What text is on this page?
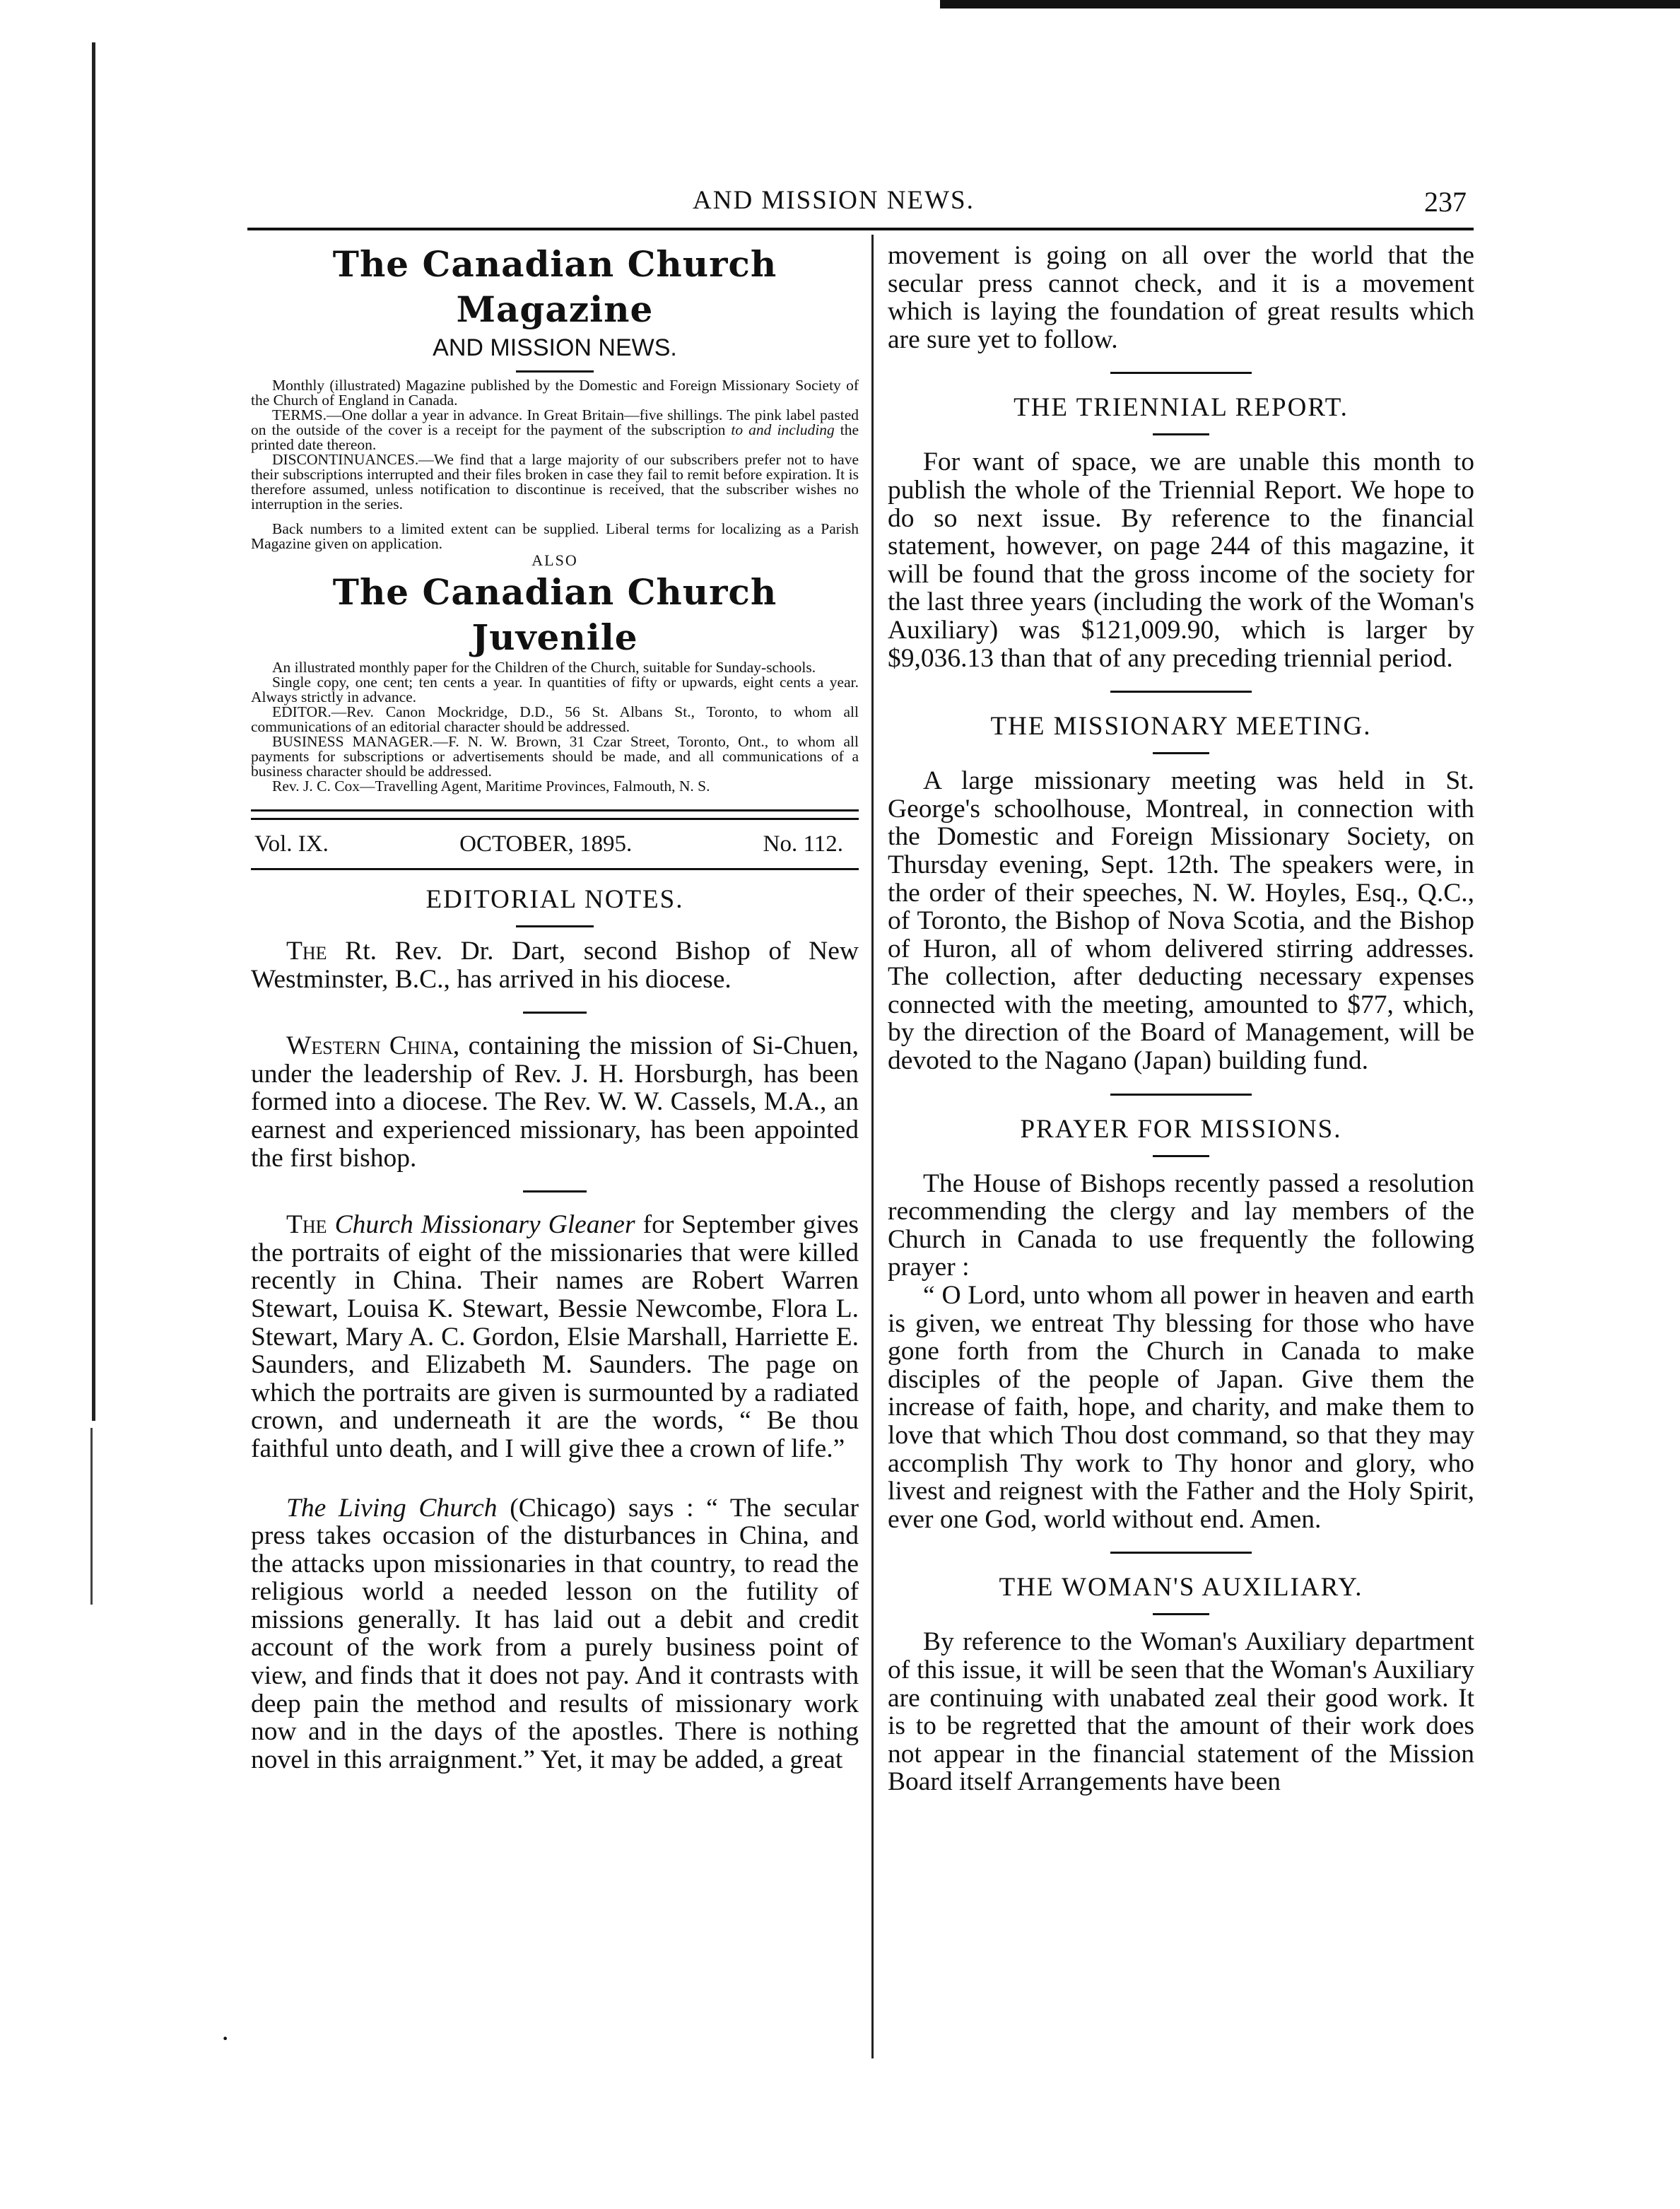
AND MISSION NEWS.	237
The Canadian Church Magazine
AND MISSION NEWS.

Monthly (illustrated) Magazine published by the Domestic and Foreign Missionary Society of the Church of England in Canada.

TERMS.—One dollar a year in advance. In Great Britain—five shillings. The pink label pasted on the outside of the cover is a receipt for the payment of the subscription to and including the printed date thereon.

DISCONTINUANCES.—We find that a large majority of our subscribers prefer not to have their subscriptions interrupted and their files broken in case they fail to remit before expiration. It is therefore assumed, unless notification to discontinue is received, that the subscriber wishes no interruption in the series.

Back numbers to a limited extent can be supplied. Liberal terms for localizing as a Parish Magazine given on application.

ALSO
The Canadian Church Juvenile

An illustrated monthly paper for the Children of the Church, suitable for Sunday-schools.

Single copy, one cent; ten cents a year. In quantities of fifty or upwards, eight cents a year. Always strictly in advance.

EDITOR.—Rev. Canon Mockridge, D.D., 56 St. Albans St., Toronto, to whom all communications of an editorial character should be addressed.

BUSINESS MANAGER.—F. N. W. Brown, 31 Czar Street, Toronto, Ont., to whom all payments for subscriptions or advertisements should be made, and all communications of a business character should be addressed.

Rev. J. C. Cox—Travelling Agent, Maritime Provinces, Falmouth, N. S.

Vol. IX.	OCTOBER, 1895.	No. 112.
EDITORIAL NOTES.

The Rt. Rev. Dr. Dart, second Bishop of New Westminster, B.C., has arrived in his diocese.

Western China, containing the mission of Si-Chuen, under the leadership of Rev. J. H. Horsburgh, has been formed into a diocese. The Rev. W. W. Cassels, M.A., an earnest and experienced missionary, has been appointed the first bishop.

The Church Missionary Gleaner for September gives the portraits of eight of the missionaries that were killed recently in China. Their names are Robert Warren Stewart, Louisa K. Stewart, Bessie Newcombe, Flora L. Stewart, Mary A. C. Gordon, Elsie Marshall, Harriette E. Saunders, and Elizabeth M. Saunders. The page on which the portraits are given is surmounted by a radiated crown, and underneath it are the words, “ Be thou faithful unto death, and I will give thee a crown of life.”

The Living Church (Chicago) says : “ The secular press takes occasion of the disturbances in China, and the attacks upon missionaries in that country, to read the religious world a needed lesson on the futility of missions generally. It has laid out a debit and credit account of the work from a purely business point of view, and finds that it does not pay. And it contrasts with deep pain the method and results of missionary work now and in the days of the apostles. There is nothing novel in this arraignment.” Yet, it may be added, a great

movement is going on all over the world that the secular press cannot check, and it is a movement which is laying the foundation of great results which are sure yet to follow.

THE TRIENNIAL REPORT.

For want of space, we are unable this month to publish the whole of the Triennial Report. We hope to do so next issue. By reference to the financial statement, however, on page 244 of this magazine, it will be found that the gross income of the society for the last three years (including the work of the Woman's Auxiliary) was $121,009.90, which is larger by $9,036.13 than that of any preceding triennial period.

THE MISSIONARY MEETING.

A large missionary meeting was held in St. George's schoolhouse, Montreal, in connection with the Domestic and Foreign Missionary Society, on Thursday evening, Sept. 12th. The speakers were, in the order of their speeches, N. W. Hoyles, Esq., Q.C., of Toronto, the Bishop of Nova Scotia, and the Bishop of Huron, all of whom delivered stirring addresses. The collection, after deducting necessary expenses connected with the meeting, amounted to $77, which, by the direction of the Board of Management, will be devoted to the Nagano (Japan) building fund.

PRAYER FOR MISSIONS.

The House of Bishops recently passed a resolution recommending the clergy and lay members of the Church in Canada to use frequently the following prayer :

“ O Lord, unto whom all power in heaven and earth is given, we entreat Thy blessing for those who have gone forth from the Church in Canada to make disciples of the people of Japan. Give them the increase of faith, hope, and charity, and make them to love that which Thou dost command, so that they may accomplish Thy work to Thy honor and glory, who livest and reignest with the Father and the Holy Spirit, ever one God, world without end. Amen.

THE WOMAN'S AUXILIARY.

By reference to the Woman's Auxiliary department of this issue, it will be seen that the Woman's Auxiliary are continuing with unabated zeal their good work. It is to be regretted that the amount of their work does not appear in the financial statement of the Mission Board itself Arrangements have been

·
